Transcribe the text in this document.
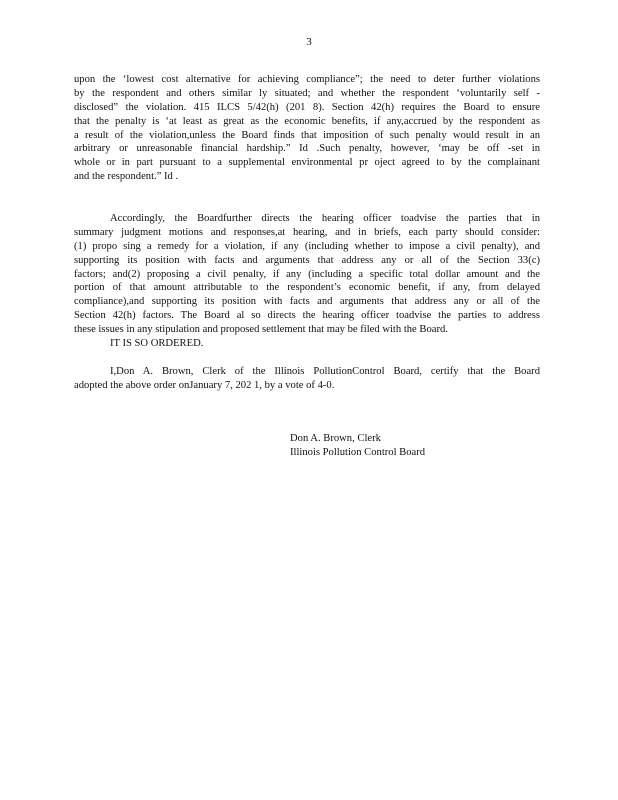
3
upon the ‘lowest cost alternative for achieving compliance”; the need to deter further violations
by the respondent and others similar ly situated; and whether the respondent ‘voluntarily self -
disclosed” the violation. 415 ILCS 5/42(h) (201 8). Section 42(h) requires the Board to ensure
that the penalty is ‘at least as great as the economic benefits, if any,accrued by the respondent as
a result of the violation,unless the Board finds that imposition of such penalty would result in an
arbitrary or unreasonable financial hardship.” Id .Such penalty, however, ‘may be off -set in
whole or in part pursuant to a supplemental environmental pr oject agreed to by the complainant
and the respondent.” Id .
Accordingly, the Boardfurther directs the hearing officer toadvise the parties that in
summary judgment motions and responses,at hearing, and in briefs, each party should consider:
(1) propo sing a remedy for a violation, if any (including whether to impose a civil penalty), and
supporting its position with facts and arguments that address any or all of the Section 33(c)
factors; and(2) proposing a civil penalty, if any (including a specific total dollar amount and the
portion of that amount attributable to the respondent’s economic benefit, if any, from delayed
compliance),and supporting its position with facts and arguments that address any or all of the
Section 42(h) factors. The Board al so directs the hearing officer toadvise the parties to address
these issues in any stipulation and proposed settlement that may be filed with the Board.
IT IS SO ORDERED.
I,Don A. Brown, Clerk of the Illinois PollutionControl Board, certify that the Board
adopted the above order onJanuary 7, 202 1, by a vote of 4-0.
Don A. Brown, Clerk
Illinois Pollution Control Board
